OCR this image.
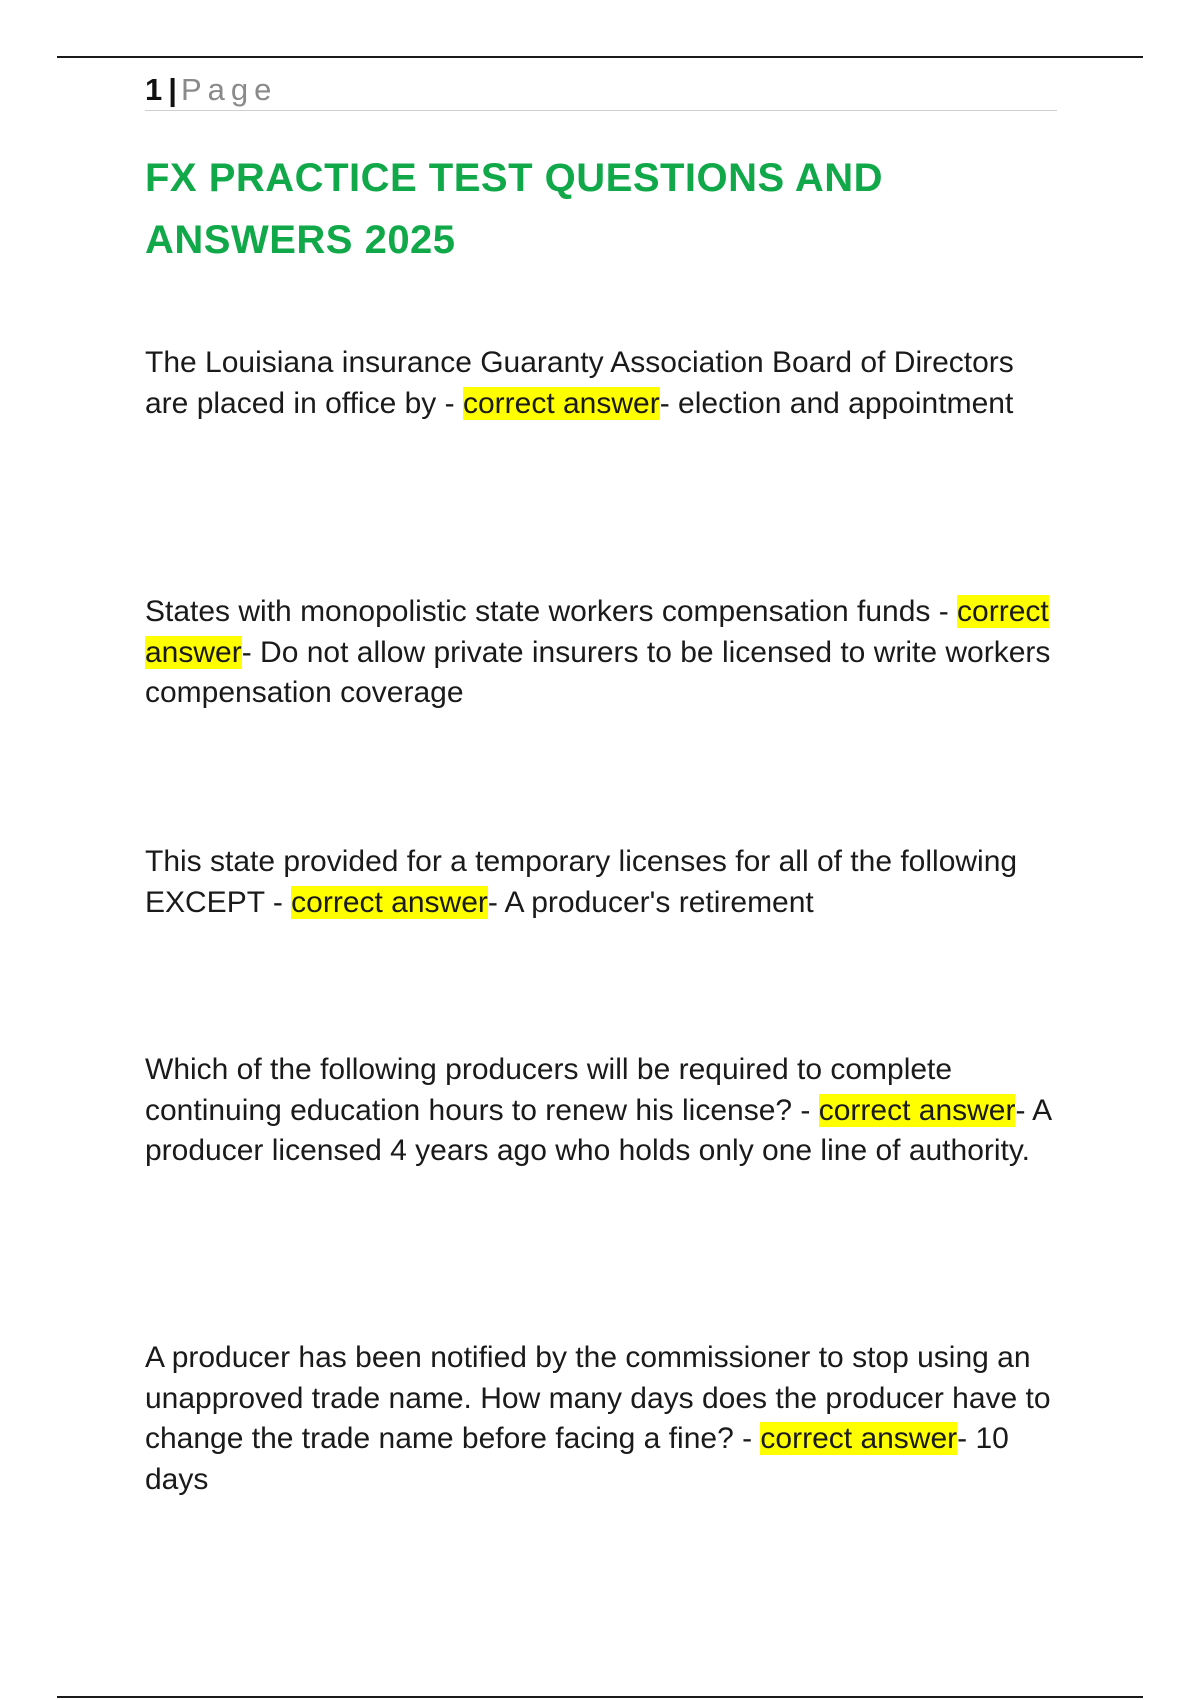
1 | Page
FX PRACTICE TEST QUESTIONS AND
ANSWERS 2025

The Louisiana insurance Guaranty Association Board of Directors are placed in office by - correct answer- election and appointment

States with monopolistic state workers compensation funds - correct answer- Do not allow private insurers to be licensed to write workers compensation coverage

This state provided for a temporary licenses for all of the following EXCEPT - correct answer- A producer's retirement

Which of the following producers will be required to complete continuing education hours to renew his license? - correct answer- A producer licensed 4 years ago who holds only one line of authority.

A producer has been notified by the commissioner to stop using an unapproved trade name. How many days does the producer have to change the trade name before facing a fine? - correct answer- 10 days
